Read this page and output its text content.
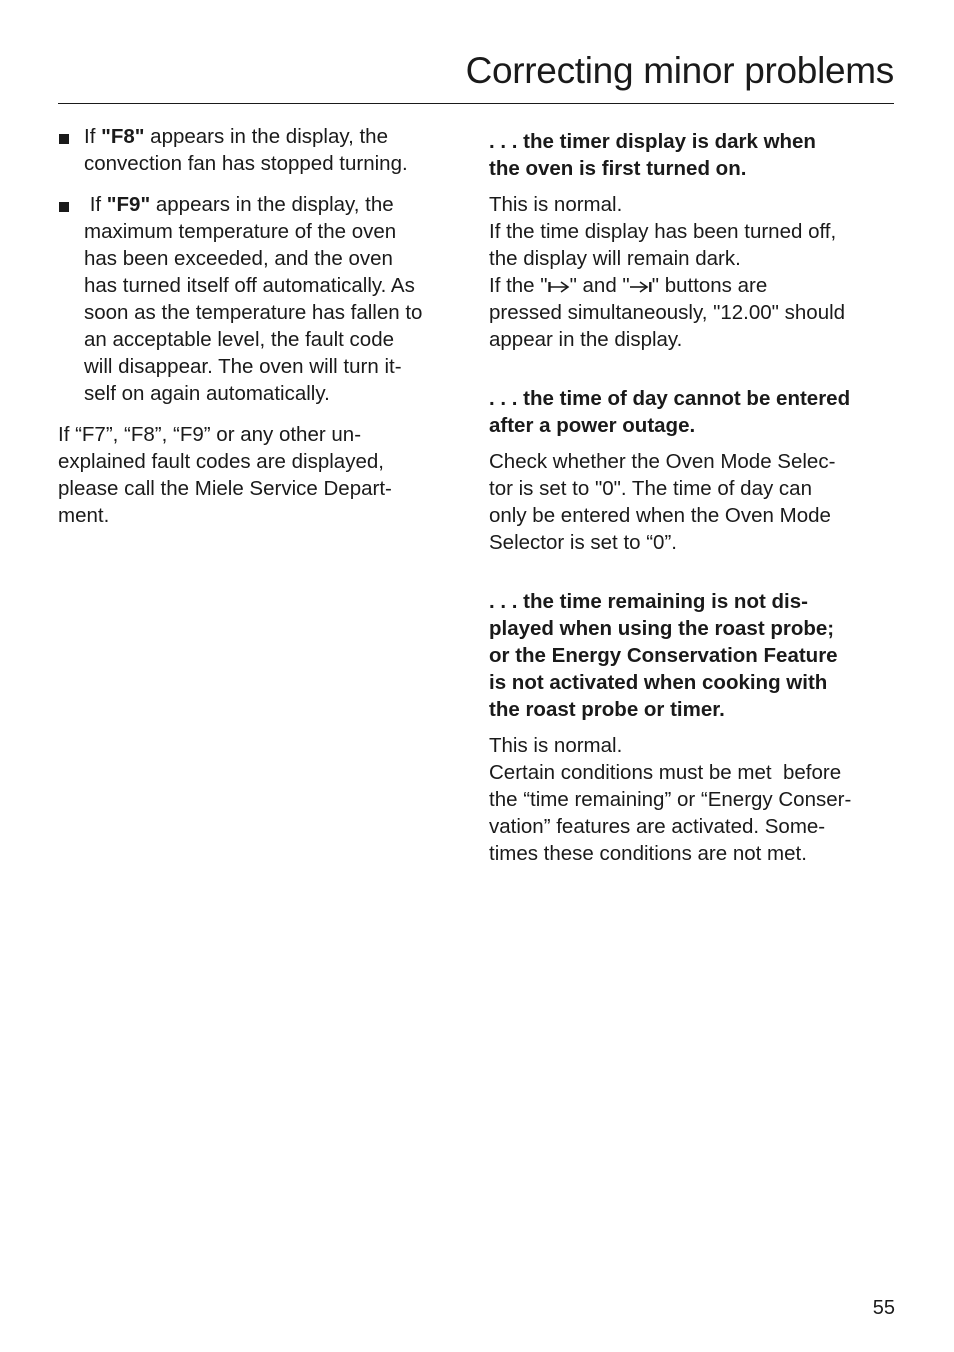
Correcting minor problems
If "F8" appears in the display, the
convection fan has stopped turning.
If "F9" appears in the display, the
maximum temperature of the oven
has been exceeded, and the oven
has turned itself off automatically. As
soon as the temperature has fallen to
an acceptable level, the fault code
will disappear. The oven will turn it-
self on again automatically.
If “F7”, “F8”, “F9” or any other un-
explained fault codes are displayed,
please call the Miele Service Depart-
ment.
. . . the timer display is dark when
the oven is first turned on.
This is normal.
If the time display has been turned off,
the display will remain dark.
If the " " and " " buttons are
pressed simultaneously, "12.00" should
appear in the display.
. . . the time of day cannot be entered
after a power outage.
Check whether the Oven Mode Selec-
tor is set to "0". The time of day can
only be entered when the Oven Mode
Selector is set to “0”.
. . . the time remaining is not dis-
played when using the roast probe;
or the Energy Conservation Feature
is not activated when cooking with
the roast probe or timer.
This is normal.
Certain conditions must be met  before
the “time remaining” or “Energy Conser-
vation” features are activated. Some-
times these conditions are not met.

55
